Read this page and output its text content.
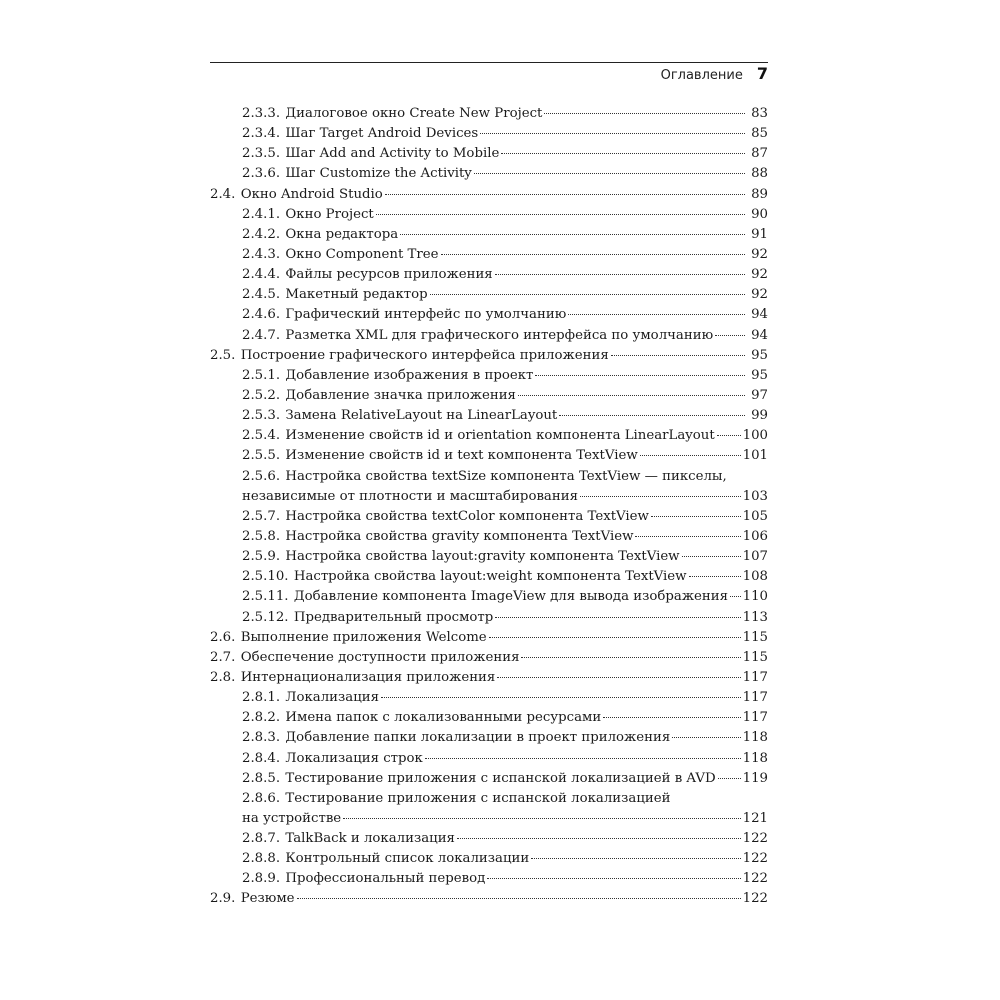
Оглавление 7
2.3.3. Диалоговое окно Create New Project	83
2.3.4. Шаг Target Android Devices	85
2.3.5. Шаг Add and Activity to Mobile	87
2.3.6. Шаг Customize the Activity	88
2.4. Окно Android Studio	89
2.4.1. Окно Project	90
2.4.2. Окна редактора	91
2.4.3. Окно Component Tree	92
2.4.4. Файлы ресурсов приложения	92
2.4.5. Макетный редактор	92
2.4.6. Графический интерфейс по умолчанию	94
2.4.7. Разметка XML для графического интерфейса по умолчанию	94
2.5. Построение графического интерфейса приложения	95
2.5.1. Добавление изображения в проект	95
2.5.2. Добавление значка приложения	97
2.5.3. Замена RelativeLayout на LinearLayout	99
2.5.4. Изменение свойств id и orientation компонента LinearLayout 100
2.5.5. Изменение свойств id и text компонента TextView	101
2.5.6. Настройка свойства textSize компонента TextView — пикселы,
независимые от плотности и масштабирования	103
2.5.7. Настройка свойства textColor компонента TextView	105
2.5.8. Настройка свойства gravity компонента TextView	106
2.5.9. Настройка свойства layout:gravity компонента TextView	107
2.5.10. Настройка свойства layout:weight компонента TextView	108
2.5.11. Добавление компонента ImageView для вывода изображения 110
2.5.12. Предварительный просмотр	113
2.6. Выполнение приложения Welcome	115
2.7. Обеспечение доступности приложения	115
2.8. Интернационализация приложения	117
2.8.1. Локализация	117
2.8.2. Имена папок с локализованными ресурсами	117
2.8.3. Добавление папки локализации в проект приложения	118
2.8.4. Локализация строк	118
2.8.5. Тестирование приложения с испанской локализацией в AVD 119
2.8.6. Тестирование приложения с испанской локализацией
на устройстве	121
2.8.7. TalkBack и локализация	122
2.8.8. Контрольный список локализации	122
2.8.9. Профессиональный перевод	122
2.9. Резюме	122
